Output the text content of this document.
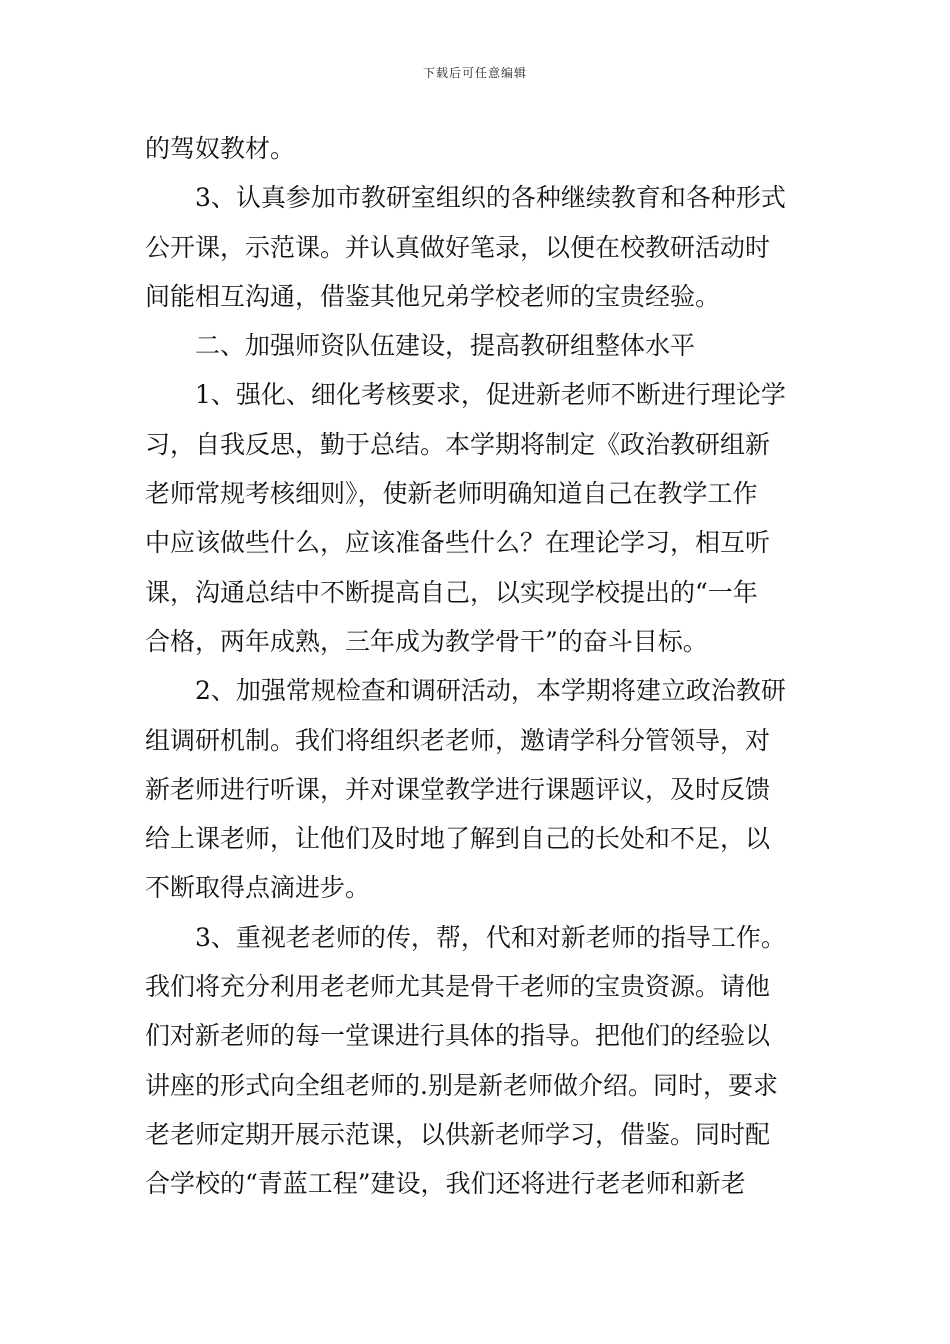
下载后可任意编辑
的驾奴教材。
　　3、认真参加市教研室组织的各种继续教育和各种形式
公开课，示范课。并认真做好笔录，以便在校教研活动时
间能相互沟通，借鉴其他兄弟学校老师的宝贵经验。
　　二、加强师资队伍建设，提高教研组整体水平
　　1、强化、细化考核要求，促进新老师不断进行理论学
习，自我反思，勤于总结。本学期将制定《政治教研组新
老师常规考核细则》，使新老师明确知道自己在教学工作
中应该做些什么，应该准备些什么？在理论学习，相互听
课，沟通总结中不断提高自己，以实现学校提出的“一年
合格，两年成熟，三年成为教学骨干”的奋斗目标。
　　2、加强常规检查和调研活动，本学期将建立政治教研
组调研机制。我们将组织老老师，邀请学科分管领导，对
新老师进行听课，并对课堂教学进行课题评议，及时反馈
给上课老师，让他们及时地了解到自己的长处和不足，以
不断取得点滴进步。
　　3、重视老老师的传，帮，代和对新老师的指导工作。
我们将充分利用老老师尤其是骨干老师的宝贵资源。请他
们对新老师的每一堂课进行具体的指导。把他们的经验以
讲座的形式向全组老师的.别是新老师做介绍。同时，要求
老老师定期开展示范课，以供新老师学习，借鉴。同时配
合学校的“青蓝工程”建设，我们还将进行老老师和新老
